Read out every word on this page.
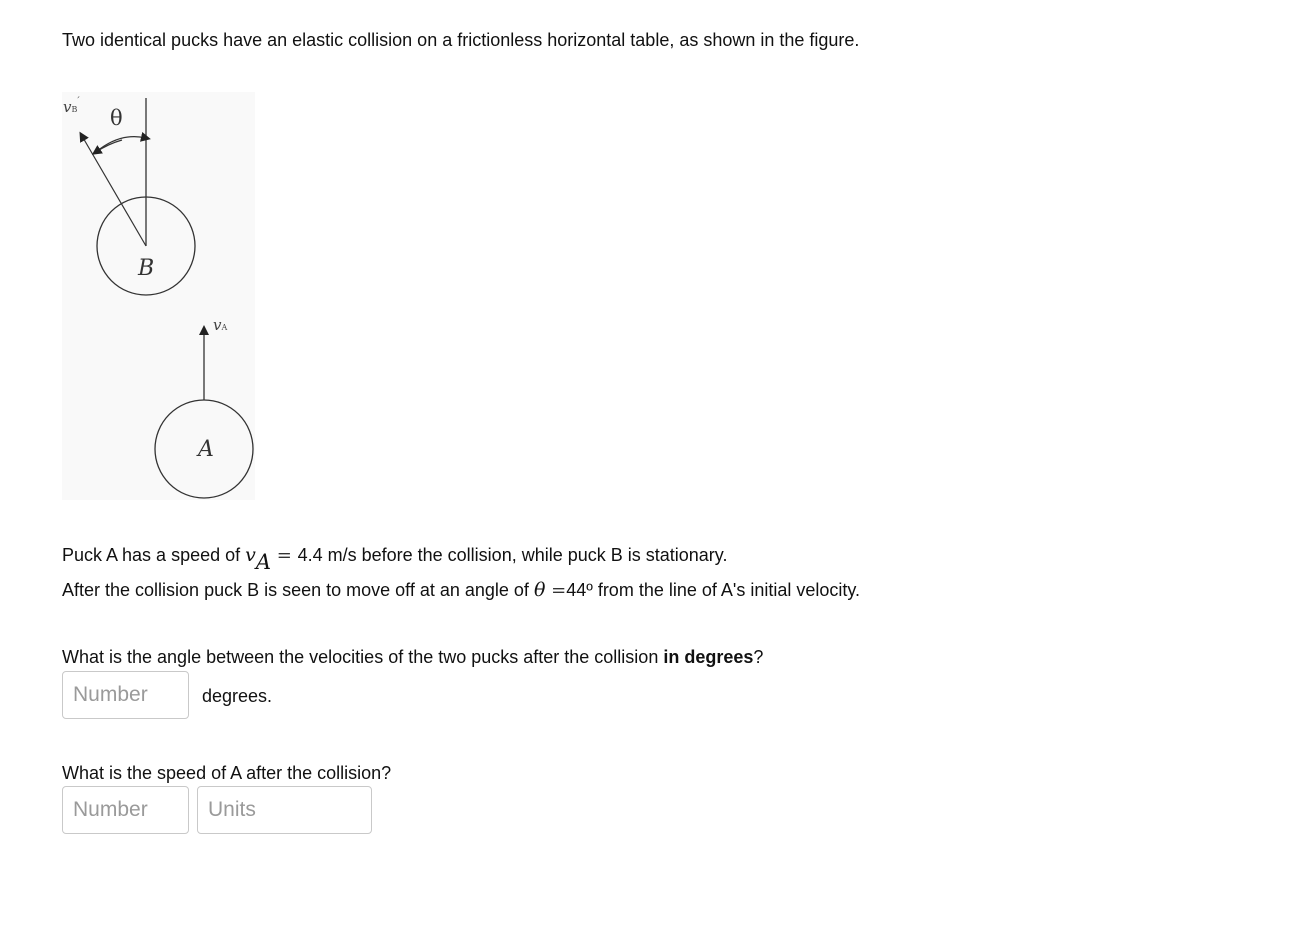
Two identical pucks have an elastic collision on a frictionless horizontal table, as shown in the figure.
vB′
θ
B
vA
A
Puck A has a speed of vA = 4.4 m/s before the collision, while puck B is stationary.
After the collision puck B is seen to move off at an angle of θ =44º from the line of A's initial velocity.
What is the angle between the velocities of the two pucks after the collision in degrees?
Number
degrees.
What is the speed of A after the collision?
Number
Units
